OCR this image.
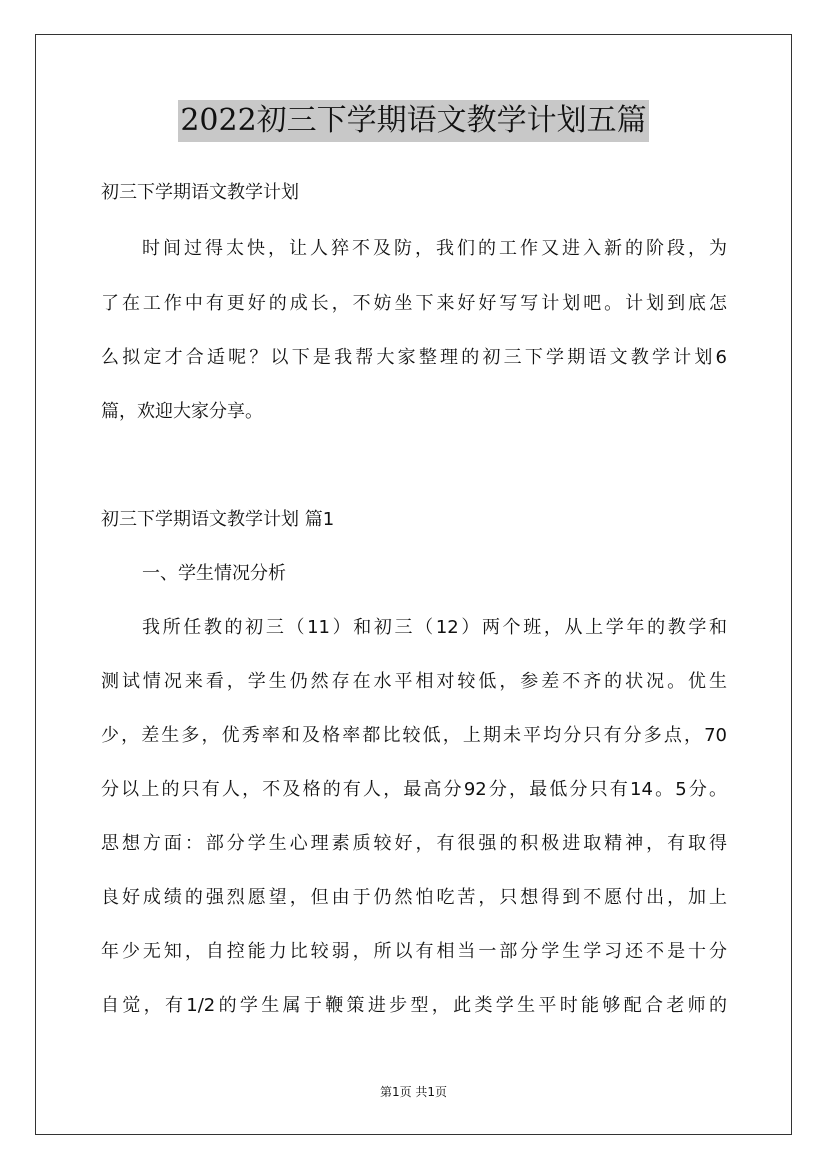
2022初三下学期语文教学计划五篇
初三下学期语文教学计划
时间过得太快，让人猝不及防，我们的工作又进入新的阶段，为
了在工作中有更好的成长，不妨坐下来好好写写计划吧。计划到底怎
么拟定才合适呢？以下是我帮大家整理的初三下学期语文教学计划6
篇，欢迎大家分享。
初三下学期语文教学计划 篇1
一、学生情况分析
我所任教的初三（11）和初三（12）两个班，从上学年的教学和
测试情况来看，学生仍然存在水平相对较低，参差不齐的状况。优生
少，差生多，优秀率和及格率都比较低，上期未平均分只有分多点，70
分以上的只有人，不及格的有人，最高分92分，最低分只有14。5分。
思想方面：部分学生心理素质较好，有很强的积极进取精神，有取得
良好成绩的强烈愿望，但由于仍然怕吃苦，只想得到不愿付出，加上
年少无知，自控能力比较弱，所以有相当一部分学生学习还不是十分
自觉，有1/2的学生属于鞭策进步型，此类学生平时能够配合老师的
第1页 共1页
